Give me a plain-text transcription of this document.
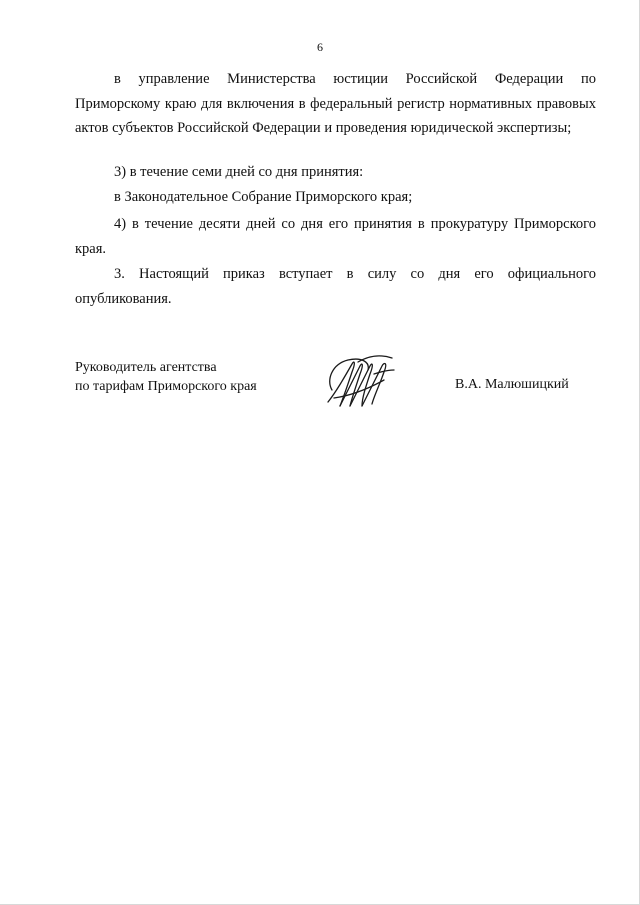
6

в управление Министерства юстиции Российской Федерации по Приморскому краю для включения в федеральный регистр нормативных правовых актов субъектов Российской Федерации и проведения юридической экспертизы;

3) в течение семи дней со дня принятия:

в Законодательное Собрание Приморского края;

4) в течение десяти дней со дня его принятия в прокуратуру Приморского края.

3. Настоящий приказ вступает в силу со дня его официального опубликования.

Руководитель агентства
по тарифам Приморского края	В.А. Малюшицкий
